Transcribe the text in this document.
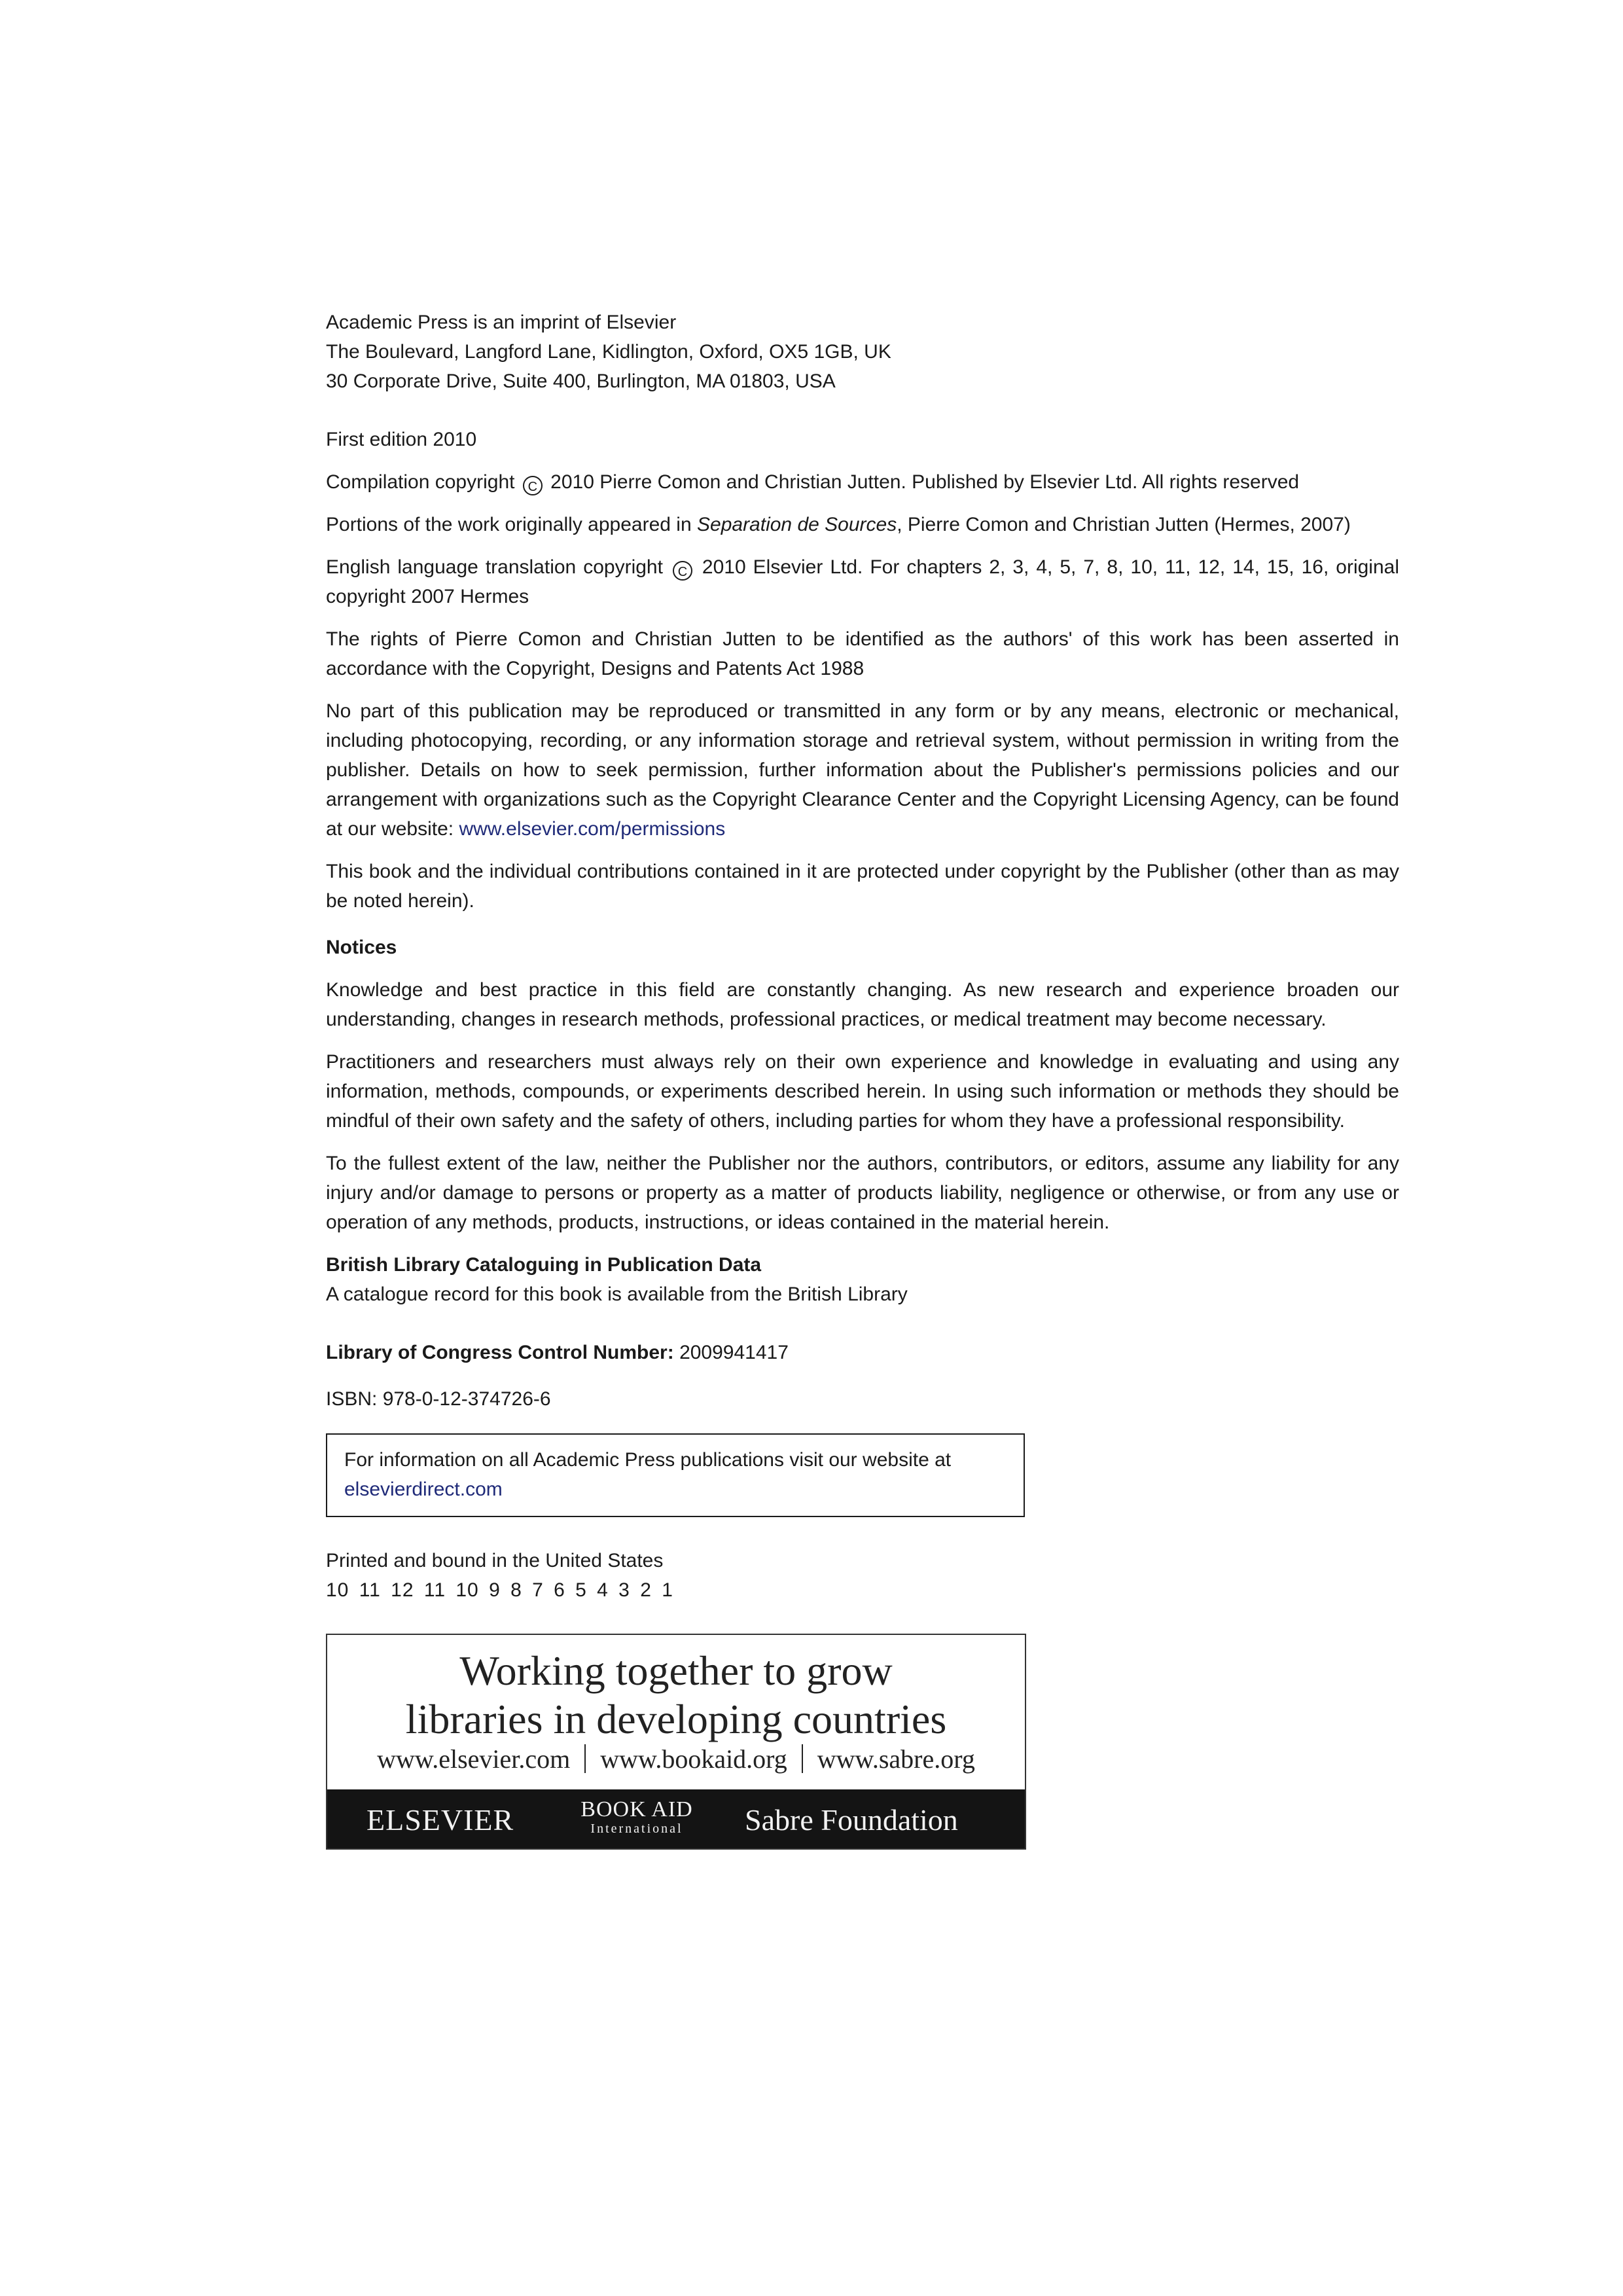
Academic Press is an imprint of Elsevier
The Boulevard, Langford Lane, Kidlington, Oxford, OX5 1GB, UK
30 Corporate Drive, Suite 400, Burlington, MA 01803, USA

First edition 2010

Compilation copyright C 2010 Pierre Comon and Christian Jutten. Published by Elsevier Ltd. All rights reserved

Portions of the work originally appeared in Separation de Sources, Pierre Comon and Christian Jutten (Hermes, 2007)

English language translation copyright C 2010 Elsevier Ltd. For chapters 2, 3, 4, 5, 7, 8, 10, 11, 12, 14, 15, 16, original copyright 2007 Hermes

The rights of Pierre Comon and Christian Jutten to be identified as the authors' of this work has been asserted in accordance with the Copyright, Designs and Patents Act 1988

No part of this publication may be reproduced or transmitted in any form or by any means, electronic or mechanical, including photocopying, recording, or any information storage and retrieval system, without permission in writing from the publisher. Details on how to seek permission, further information about the Publisher's permissions policies and our arrangement with organizations such as the Copyright Clearance Center and the Copyright Licensing Agency, can be found at our website: www.elsevier.com/permissions

This book and the individual contributions contained in it are protected under copyright by the Publisher (other than as may be noted herein).

Notices

Knowledge and best practice in this field are constantly changing. As new research and experience broaden our understanding, changes in research methods, professional practices, or medical treatment may become necessary.

Practitioners and researchers must always rely on their own experience and knowledge in evaluating and using any information, methods, compounds, or experiments described herein. In using such information or methods they should be mindful of their own safety and the safety of others, including parties for whom they have a professional responsibility.

To the fullest extent of the law, neither the Publisher nor the authors, contributors, or editors, assume any liability for any injury and/or damage to persons or property as a matter of products liability, negligence or otherwise, or from any use or operation of any methods, products, instructions, or ideas contained in the material herein.

British Library Cataloguing in Publication Data
A catalogue record for this book is available from the British Library

Library of Congress Control Number: 2009941417

ISBN: 978-0-12-374726-6

For information on all Academic Press publications visit our website at elsevierdirect.com

Printed and bound in the United States
10 11 12 11 10 9 8 7 6 5 4 3 2 1

Working together to grow
libraries in developing countries
www.elsevier.com www.bookaid.org www.sabre.org
ELSEVIER	BOOK AID
International	Sabre Foundation
